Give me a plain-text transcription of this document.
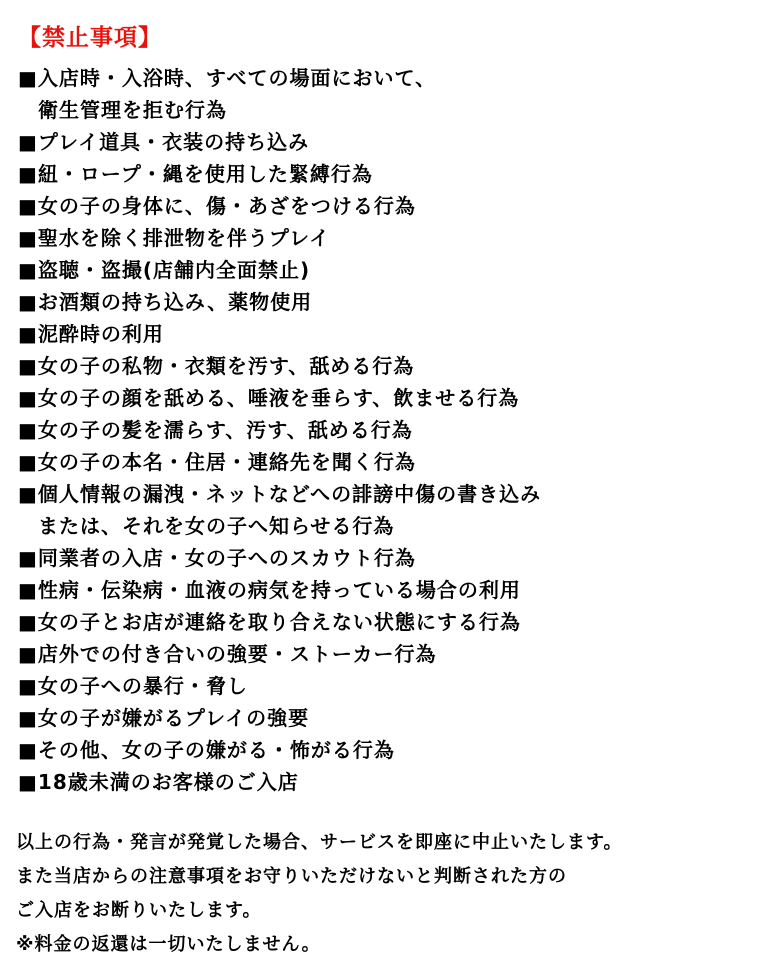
【禁止事項】
■入店時・入浴時、すべての場面において、
衛生管理を拒む行為
■プレイ道具・衣装の持ち込み
■紐・ロープ・縄を使用した緊縛行為
■女の子の身体に、傷・あざをつける行為
■聖水を除く排泄物を伴うプレイ
■盗聴・盗撮(店舗内全面禁止)
■お酒類の持ち込み、薬物使用
■泥酔時の利用
■女の子の私物・衣類を汚す、舐める行為
■女の子の顔を舐める、唾液を垂らす、飲ませる行為
■女の子の髪を濡らす、汚す、舐める行為
■女の子の本名・住居・連絡先を聞く行為
■個人情報の漏洩・ネットなどへの誹謗中傷の書き込み
または、それを女の子へ知らせる行為
■同業者の入店・女の子へのスカウト行為
■性病・伝染病・血液の病気を持っている場合の利用
■女の子とお店が連絡を取り合えない状態にする行為
■店外での付き合いの強要・ストーカー行為
■女の子への暴行・脅し
■女の子が嫌がるプレイの強要
■その他、女の子の嫌がる・怖がる行為
■18歳未満のお客様のご入店
以上の行為・発言が発覚した場合、サービスを即座に中止いたします。
また当店からの注意事項をお守りいただけないと判断された方の
ご入店をお断りいたします。
※料金の返還は一切いたしません。
